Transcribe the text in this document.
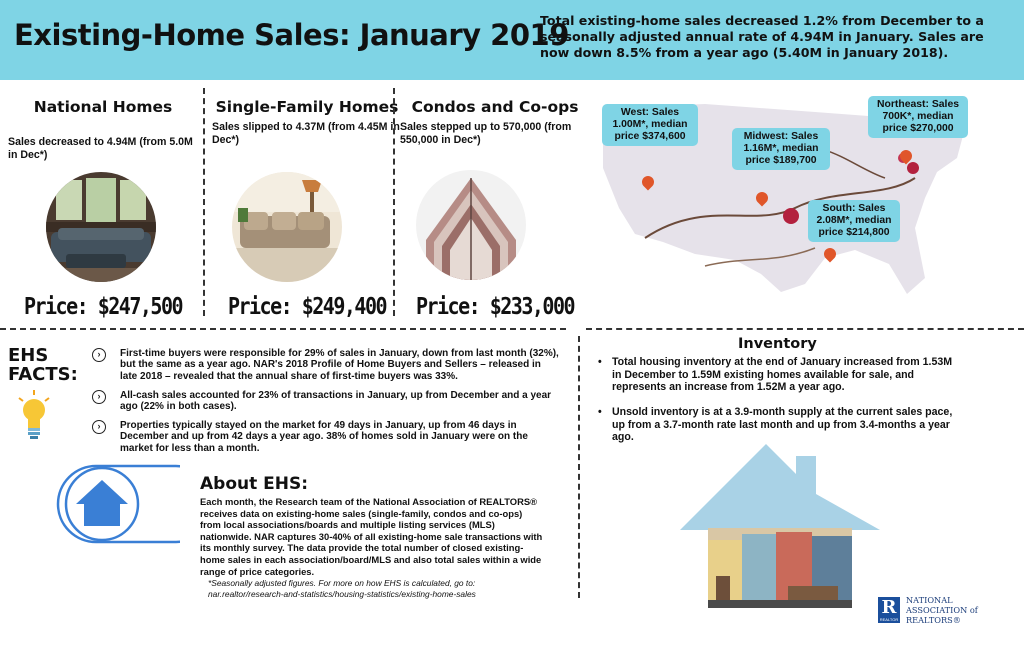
Existing-Home Sales: January 2019
Total existing-home sales decreased 1.2% from December to a seasonally adjusted annual rate of 4.94M in January. Sales are now down 8.5% from a year ago (5.40M in January 2018).
National Homes
Sales decreased to 4.94M (from 5.0M in Dec*)
Price: $247,500
Single-Family Homes
Sales slipped to 4.37M (from 4.45M in Dec*)
Price: $249,400
Condos and Co-ops
Sales stepped up to 570,000 (from 550,000 in Dec*)
Price: $233,000
West: Sales 1.00M*, median price $374,600	Midwest: Sales 1.16M*, median price $189,700
Northeast: Sales 700K*, median price $270,000
South: Sales 2.08M*, median price $214,800
EHS FACTS:
›	First-time buyers were responsible for 29% of sales in January, down from last month (32%), but the same as a year ago. NAR's 2018 Profile of Home Buyers and Sellers – released in late 2018 – revealed that the annual share of first-time buyers was 33%.
›	All-cash sales accounted for 23% of transactions in January, up from December and a year ago (22% in both cases).
›	Properties typically stayed on the market for 49 days in January, up from 46 days in December and up from 42 days a year ago. 38% of homes sold in January were on the market for less than a month.
About EHS:
Each month, the Research team of the National Association of REALTORS® receives data on existing-home sales (single-family, condos and co-ops) from local associations/boards and multiple listing services (MLS) nationwide. NAR captures 30-40% of all existing-home sale transactions with its monthly survey. The data provide the total number of closed existing-home sales in each association/board/MLS and also total sales within a wide range of price categories.
*Seasonally adjusted figures. For more on how EHS is calculated, go to: nar.realtor/research-and-statistics/housing-statistics/existing-home-sales
Inventory
• Total housing inventory at the end of January increased from 1.53M in December to 1.59M existing homes available for sale, and represents an increase from 1.52M a year ago.
• Unsold inventory is at a 3.9-month supply at the current sales pace, up from a 3.7-month rate last month and up from 3.4-months a year ago.
R
REALTOR
NATIONAL
ASSOCIATION of
REALTORS®
